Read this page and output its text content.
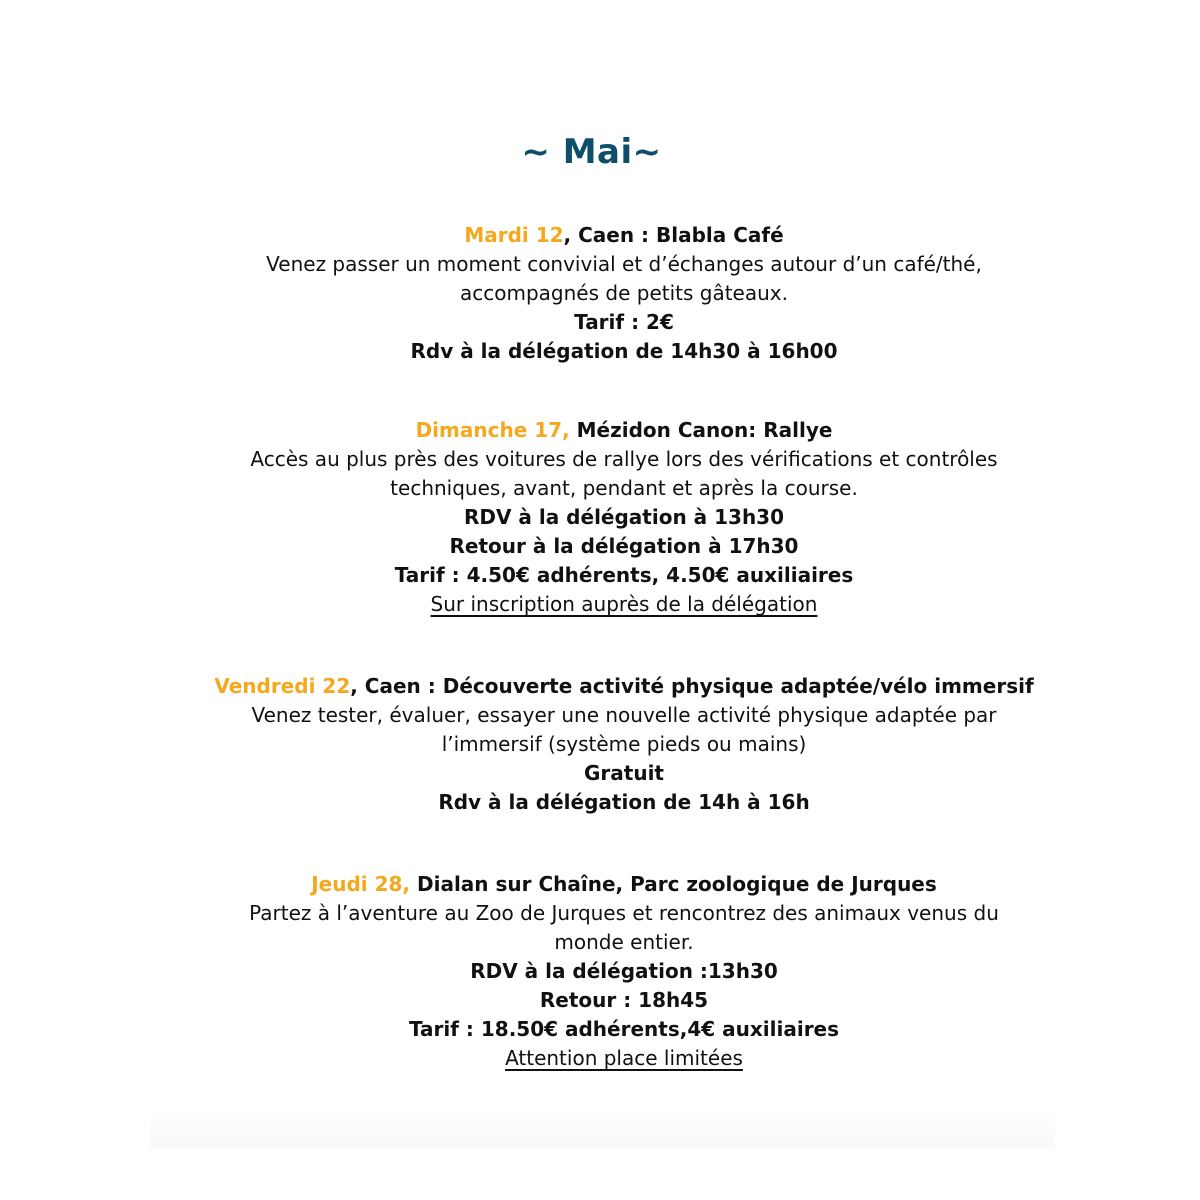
~ Mai~
Mardi 12, Caen : Blabla Café
Venez passer un moment convivial et d’échanges autour d’un café/thé,
accompagnés de petits gâteaux.
Tarif : 2€
Rdv à la délégation de 14h30 à 16h00
Dimanche 17, Mézidon Canon: Rallye
Accès au plus près des voitures de rallye lors des vérifications et contrôles
techniques, avant, pendant et après la course.
RDV à la délégation à 13h30
Retour à la délégation à 17h30
Tarif : 4.50€ adhérents, 4.50€ auxiliaires
Sur inscription auprès de la délégation
Vendredi 22, Caen : Découverte activité physique adaptée/vélo immersif
Venez tester, évaluer, essayer une nouvelle activité physique adaptée par
l’immersif (système pieds ou mains)
Gratuit
Rdv à la délégation de 14h à 16h
Jeudi 28, Dialan sur Chaîne, Parc zoologique de Jurques
Partez à l’aventure au Zoo de Jurques et rencontrez des animaux venus du
monde entier.
RDV à la délégation :13h30
Retour : 18h45
Tarif : 18.50€ adhérents,4€ auxiliaires
Attention place limitées
